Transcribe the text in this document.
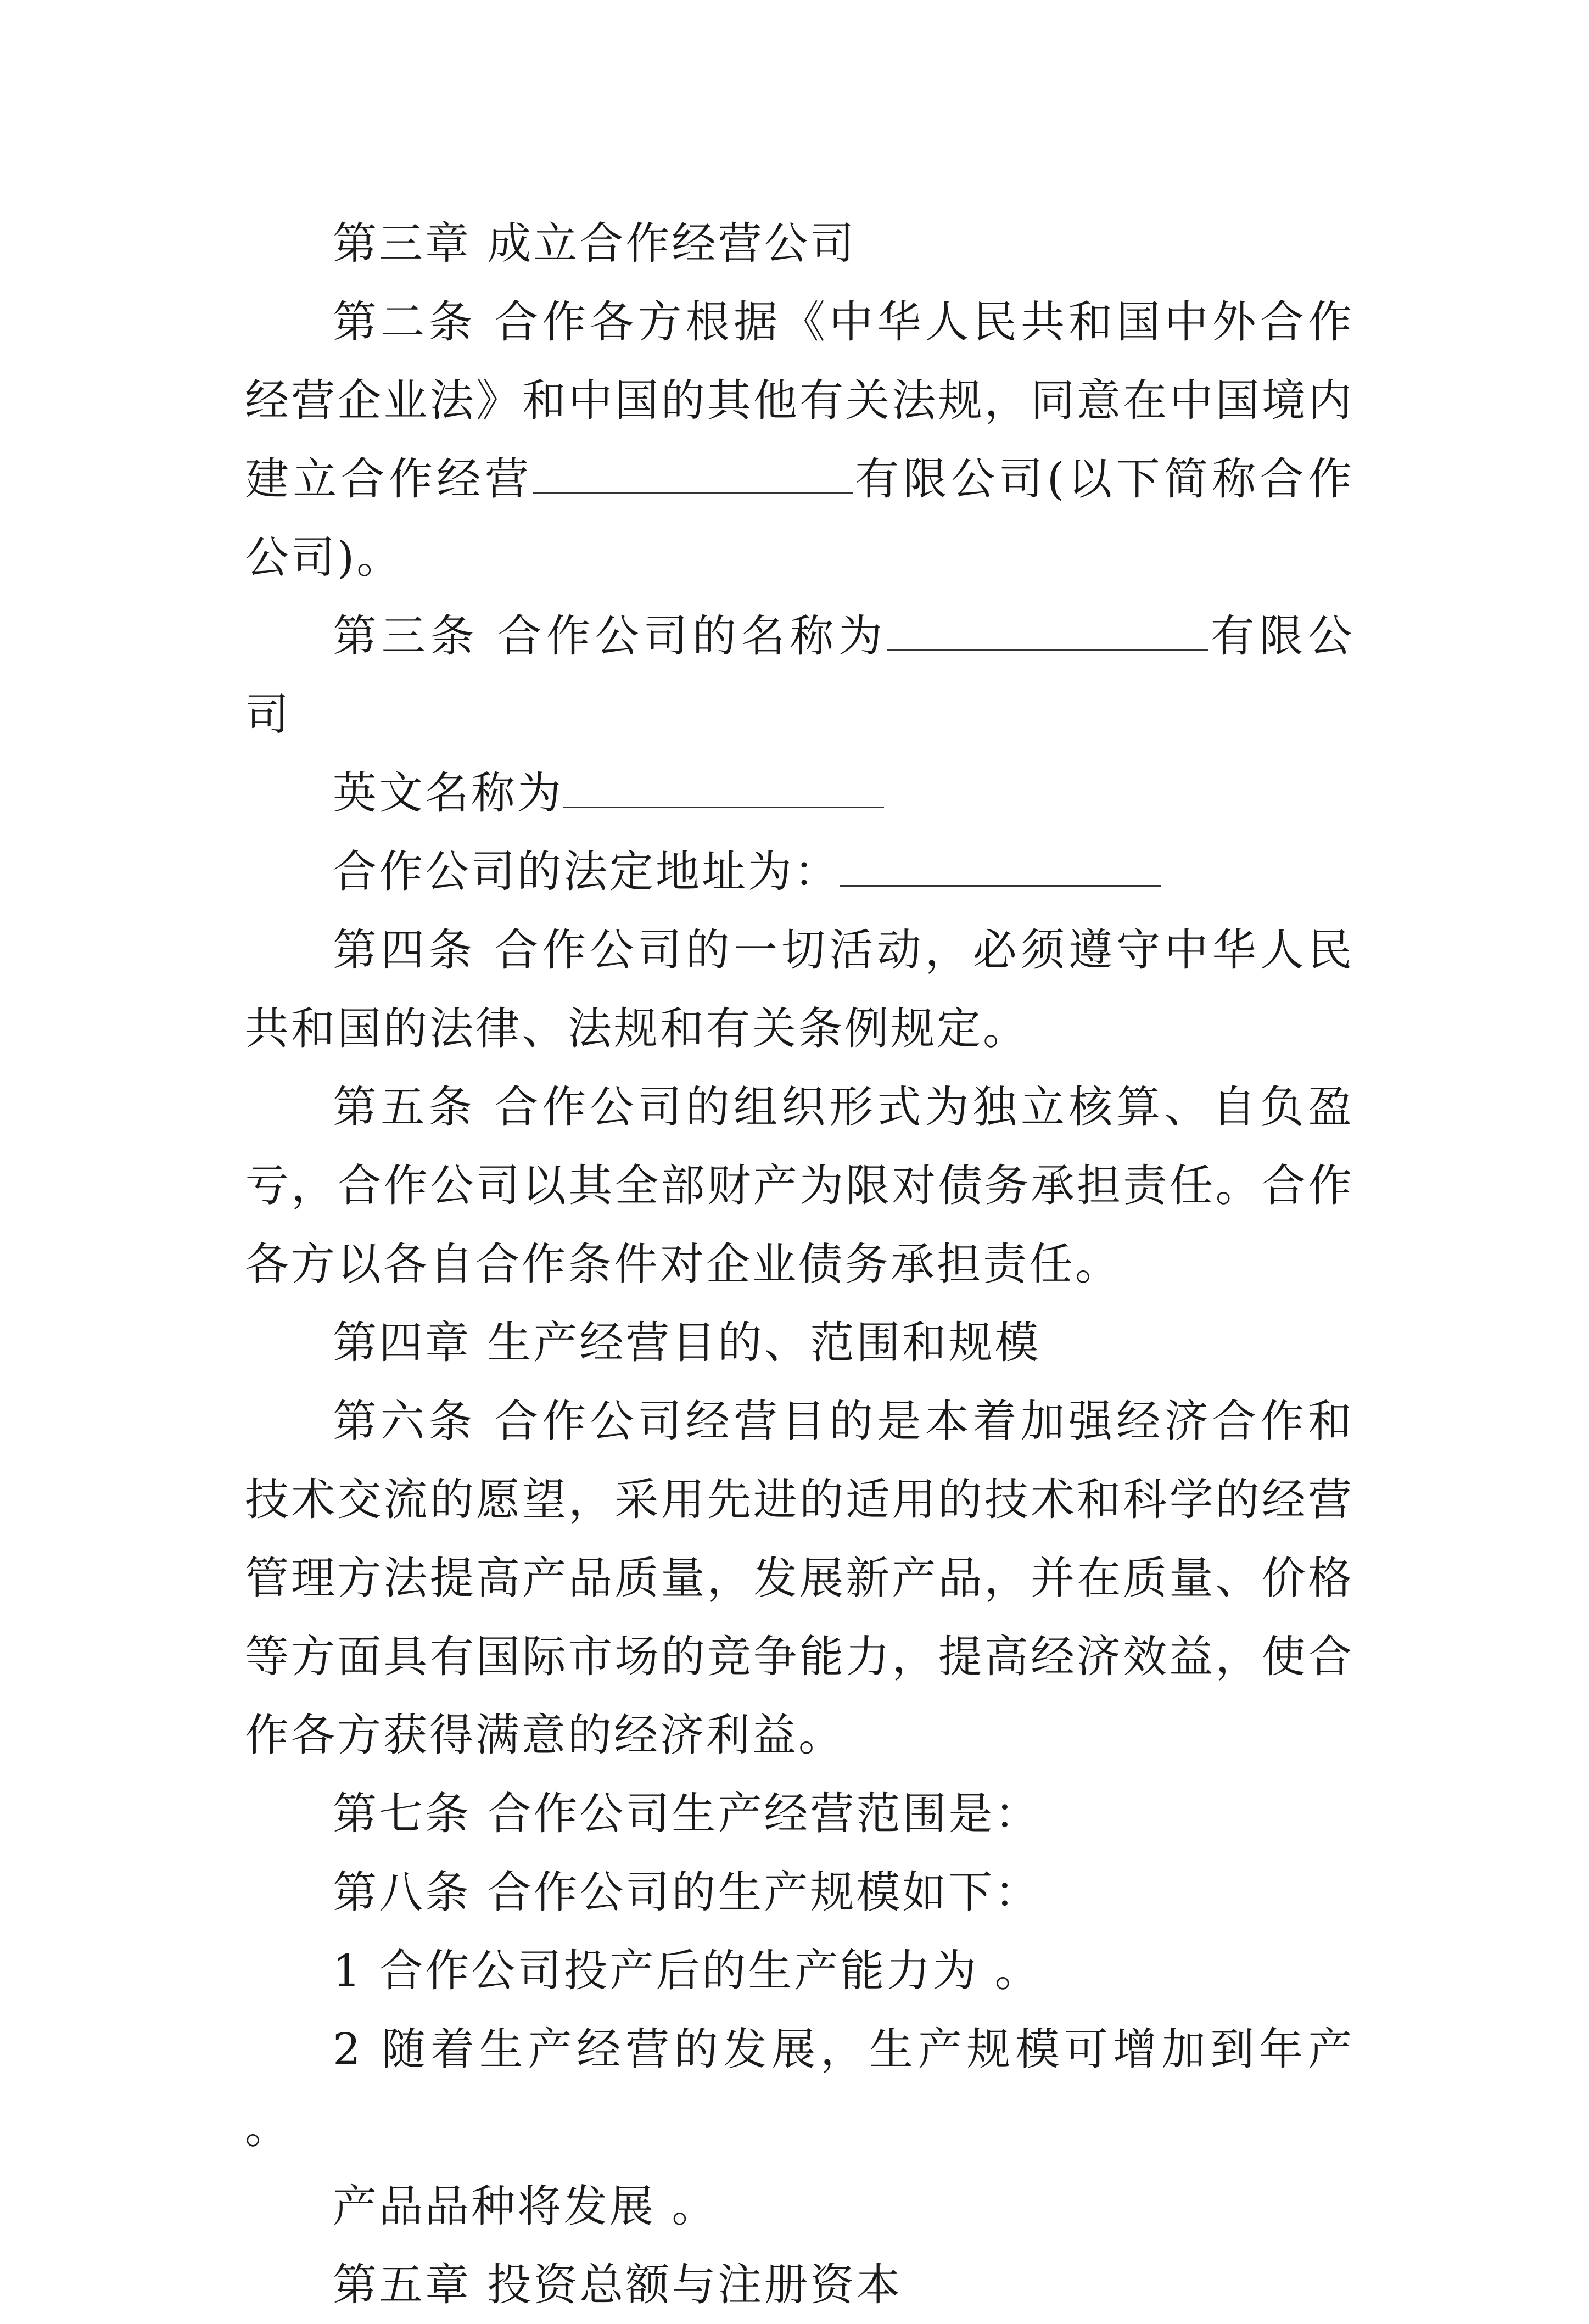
第三章 成立合作经营公司

第二条 合作各方根据《中华人民共和国中外合作经营企业法》和中国的其他有关法规，同意在中国境内建立合作经营	有限公司(以下简称合作公司)。

第三条 合作公司的名称为	有限公司

英文名称为

合作公司的法定地址为：

第四条 合作公司的一切活动，必须遵守中华人民共和国的法律、法规和有关条例规定。

第五条 合作公司的组织形式为独立核算、自负盈亏，合作公司以其全部财产为限对债务承担责任。合作各方以各自合作条件对企业债务承担责任。

第四章 生产经营目的、范围和规模

第六条 合作公司经营目的是本着加强经济合作和技术交流的愿望，采用先进的适用的技术和科学的经营管理方法提高产品质量，发展新产品，并在质量、价格等方面具有国际市场的竞争能力，提高经济效益，使合作各方获得满意的经济利益。

第七条 合作公司生产经营范围是：

第八条 合作公司的生产规模如下：

1 合作公司投产后的生产能力为 。

2 随着生产经营的发展，生产规模可增加到年产 。

产品品种将发展 。

第五章 投资总额与注册资本
